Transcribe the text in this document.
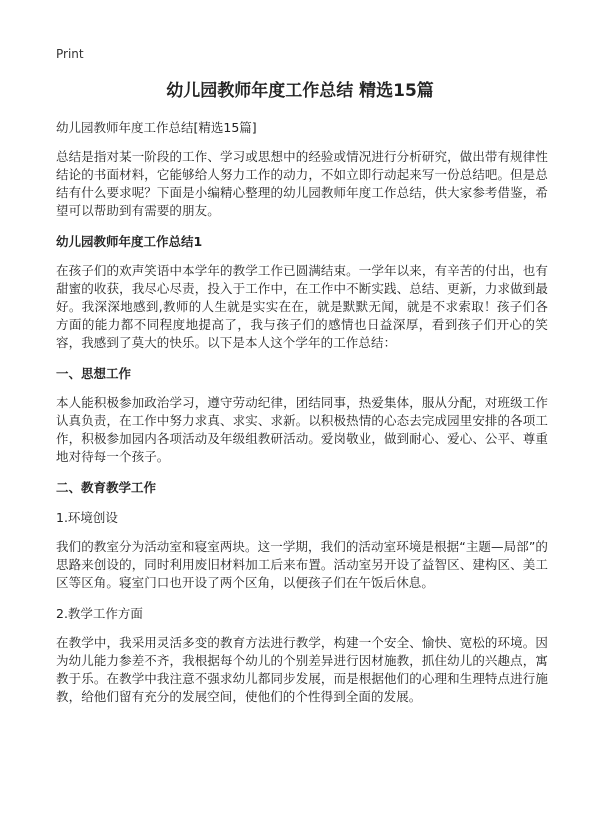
Print
幼儿园教师年度工作总结 精选15篇
幼儿园教师年度工作总结[精选15篇]

总结是指对某一阶段的工作、学习或思想中的经验或情况进行分析研究，做出带有规律性结论的书面材料，它能够给人努力工作的动力，不如立即行动起来写一份总结吧。但是总结有什么要求呢？下面是小编精心整理的幼儿园教师年度工作总结，供大家参考借鉴，希望可以帮助到有需要的朋友。

幼儿园教师年度工作总结1

在孩子们的欢声笑语中本学年的教学工作已圆满结束。一学年以来，有辛苦的付出，也有甜蜜的收获，我尽心尽责，投入于工作中，在工作中不断实践、总结、更新，力求做到最好。我深深地感到,教师的人生就是实实在在，就是默默无闻，就是不求索取！孩子们各方面的能力都不同程度地提高了，我与孩子们的感情也日益深厚，看到孩子们开心的笑容，我感到了莫大的快乐。以下是本人这个学年的工作总结：

一、思想工作

本人能积极参加政治学习，遵守劳动纪律，团结同事，热爱集体，服从分配，对班级工作认真负责，在工作中努力求真、求实、求新。以积极热情的心态去完成园里安排的各项工作，积极参加园内各项活动及年级组教研活动。爱岗敬业，做到耐心、爱心、公平、尊重地对待每一个孩子。

二、教育教学工作
1.环境创设

我们的教室分为活动室和寝室两块。这一学期，我们的活动室环境是根据“主题—局部”的思路来创设的，同时利用废旧材料加工后来布置。活动室另开设了益智区、建构区、美工区等区角。寝室门口也开设了两个区角，以便孩子们在午饭后休息。

2.教学工作方面

在教学中，我采用灵活多变的教育方法进行教学，构建一个安全、愉快、宽松的环境。因为幼儿能力参差不齐，我根据每个幼儿的个别差异进行因材施教，抓住幼儿的兴趣点，寓教于乐。在教学中我注意不强求幼儿都同步发展，而是根据他们的心理和生理特点进行施教，给他们留有充分的发展空间，使他们的个性得到全面的发展。
